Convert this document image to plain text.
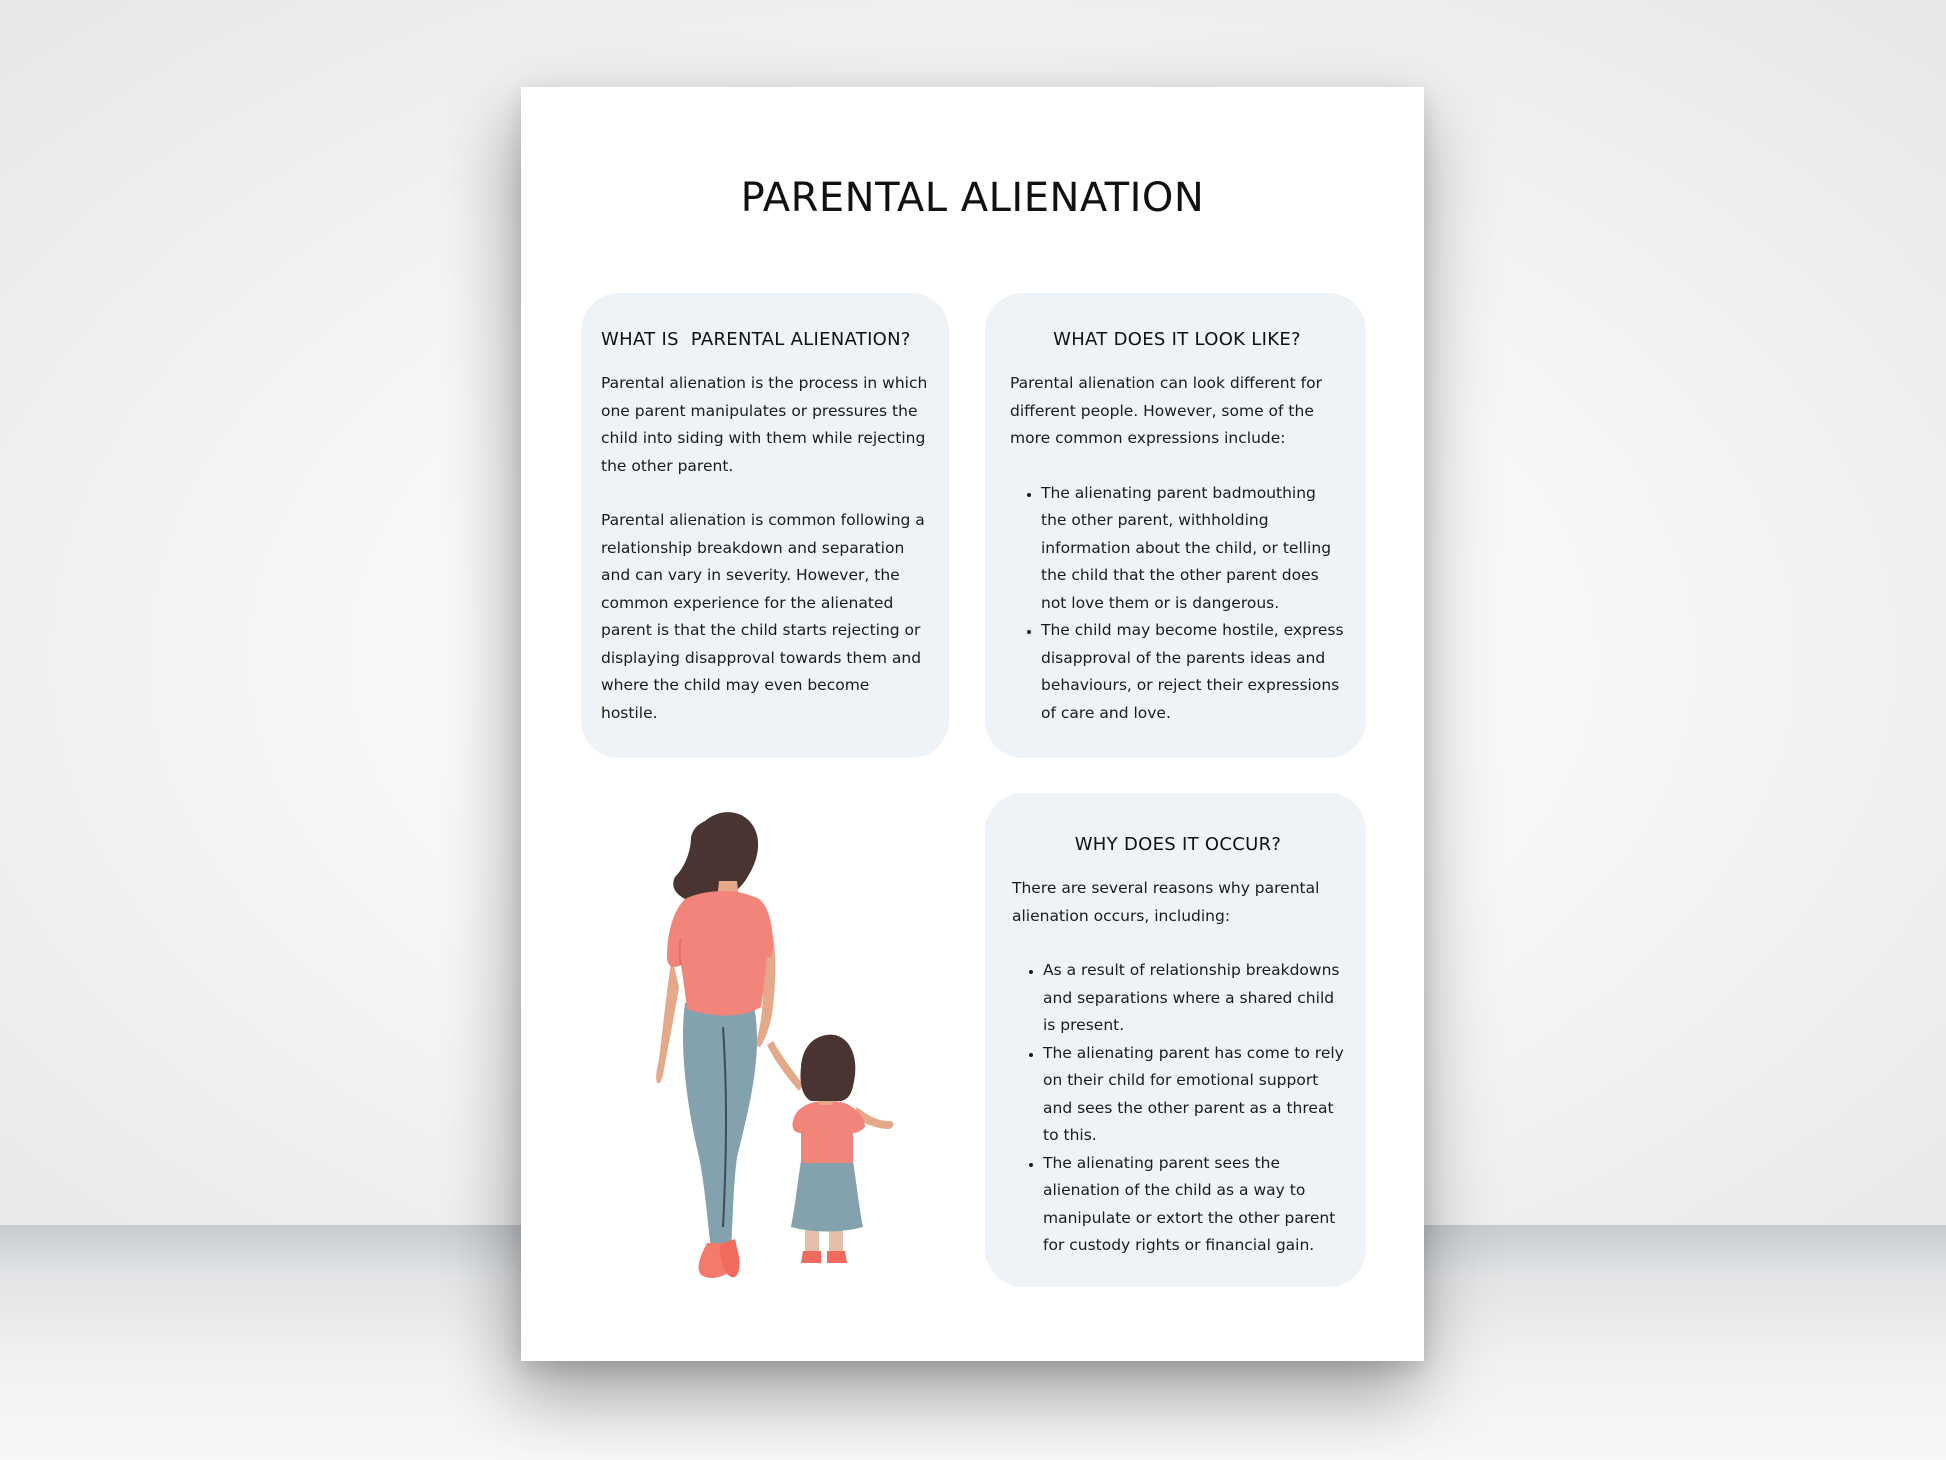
PARENTAL ALIENATION
WHAT IS  PARENTAL ALIENATION?

Parental alienation is the process in which one parent manipulates or pressures the child into siding with them while rejecting the other parent.

Parental alienation is common following a relationship breakdown and separation and can vary in severity. However, the common experience for the alienated parent is that the child starts rejecting or displaying disapproval towards them and where the child may even become hostile.

WHAT DOES IT LOOK LIKE?

Parental alienation can look different for different people. However, some of the more common expressions include:

• The alienating parent badmouthing the other parent, withholding information about the child, or telling the child that the other parent does not love them or is dangerous.
• The child may become hostile, express disapproval of the parents ideas and behaviours, or reject their expressions of care and love.
WHY DOES IT OCCUR?

There are several reasons why parental alienation occurs, including:

• As a result of relationship breakdowns and separations where a shared child is present.
• The alienating parent has come to rely on their child for emotional support and sees the other parent as a threat to this.
• The alienating parent sees the alienation of the child as a way to manipulate or extort the other parent for custody rights or financial gain.
